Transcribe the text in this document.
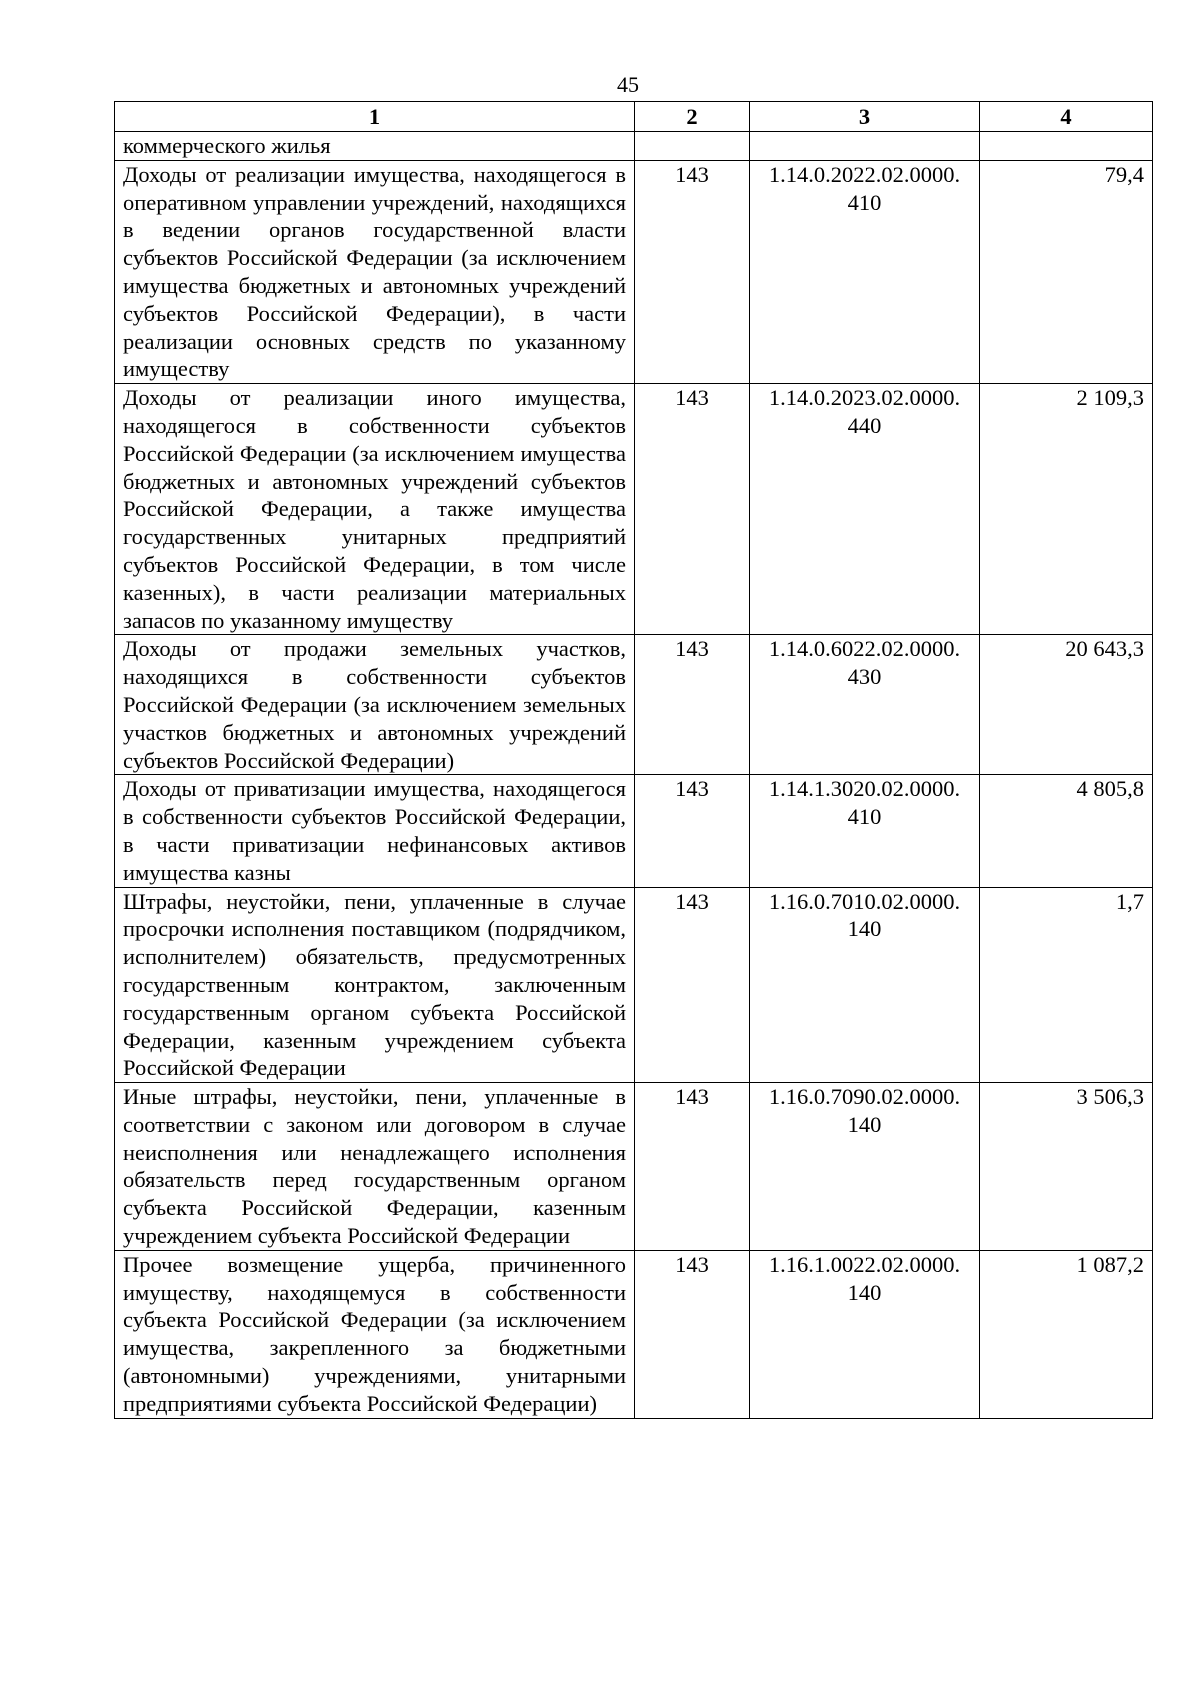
45
1	2	3	4
коммерческого жилья			
Доходы от реализации имущества, находящегося в оперативном управлении учреждений, находящихся в ведении органов государственной власти субъектов Российской Федерации (за исключением имущества бюджетных и автономных учреждений субъектов Российской Федерации), в части реализации основных средств по указанному имуществу	143	1.14.0.2022.02.0000. 410	79,4
Доходы от реализации иного имущества, находящегося в собственности субъектов Российской Федерации (за исключением имущества бюджетных и автономных учреждений субъектов Российской Федерации, а также имущества государственных унитарных предприятий субъектов Российской Федерации, в том числе казенных), в части реализации материальных запасов по указанному имуществу	143	1.14.0.2023.02.0000. 440	2 109,3
Доходы от продажи земельных участков, находящихся в собственности субъектов Российской Федерации (за исключением земельных участков бюджетных и автономных учреждений субъектов Российской Федерации)	143	1.14.0.6022.02.0000. 430	20 643,3
Доходы от приватизации имущества, находящегося в собственности субъектов Российской Федерации, в части приватизации нефинансовых активов имущества казны	143	1.14.1.3020.02.0000. 410	4 805,8
Штрафы, неустойки, пени, уплаченные в случае просрочки исполнения поставщиком (подрядчиком, исполнителем) обязательств, предусмотренных государственным контрактом, заключенным государственным органом субъекта Российской Федерации, казенным учреждением субъекта Российской Федерации	143	1.16.0.7010.02.0000. 140	1,7
Иные штрафы, неустойки, пени, уплаченные в соответствии с законом или договором в случае неисполнения или ненадлежащего исполнения обязательств перед государственным органом субъекта Российской Федерации, казенным учреждением субъекта Российской Федерации	143	1.16.0.7090.02.0000. 140	3 506,3
Прочее возмещение ущерба, причиненного имуществу, находящемуся в собственности субъекта Российской Федерации (за исключением имущества, закрепленного за бюджетными (автономными) учреждениями, унитарными предприятиями субъекта Российской Федерации)	143	1.16.1.0022.02.0000. 140	1 087,2
